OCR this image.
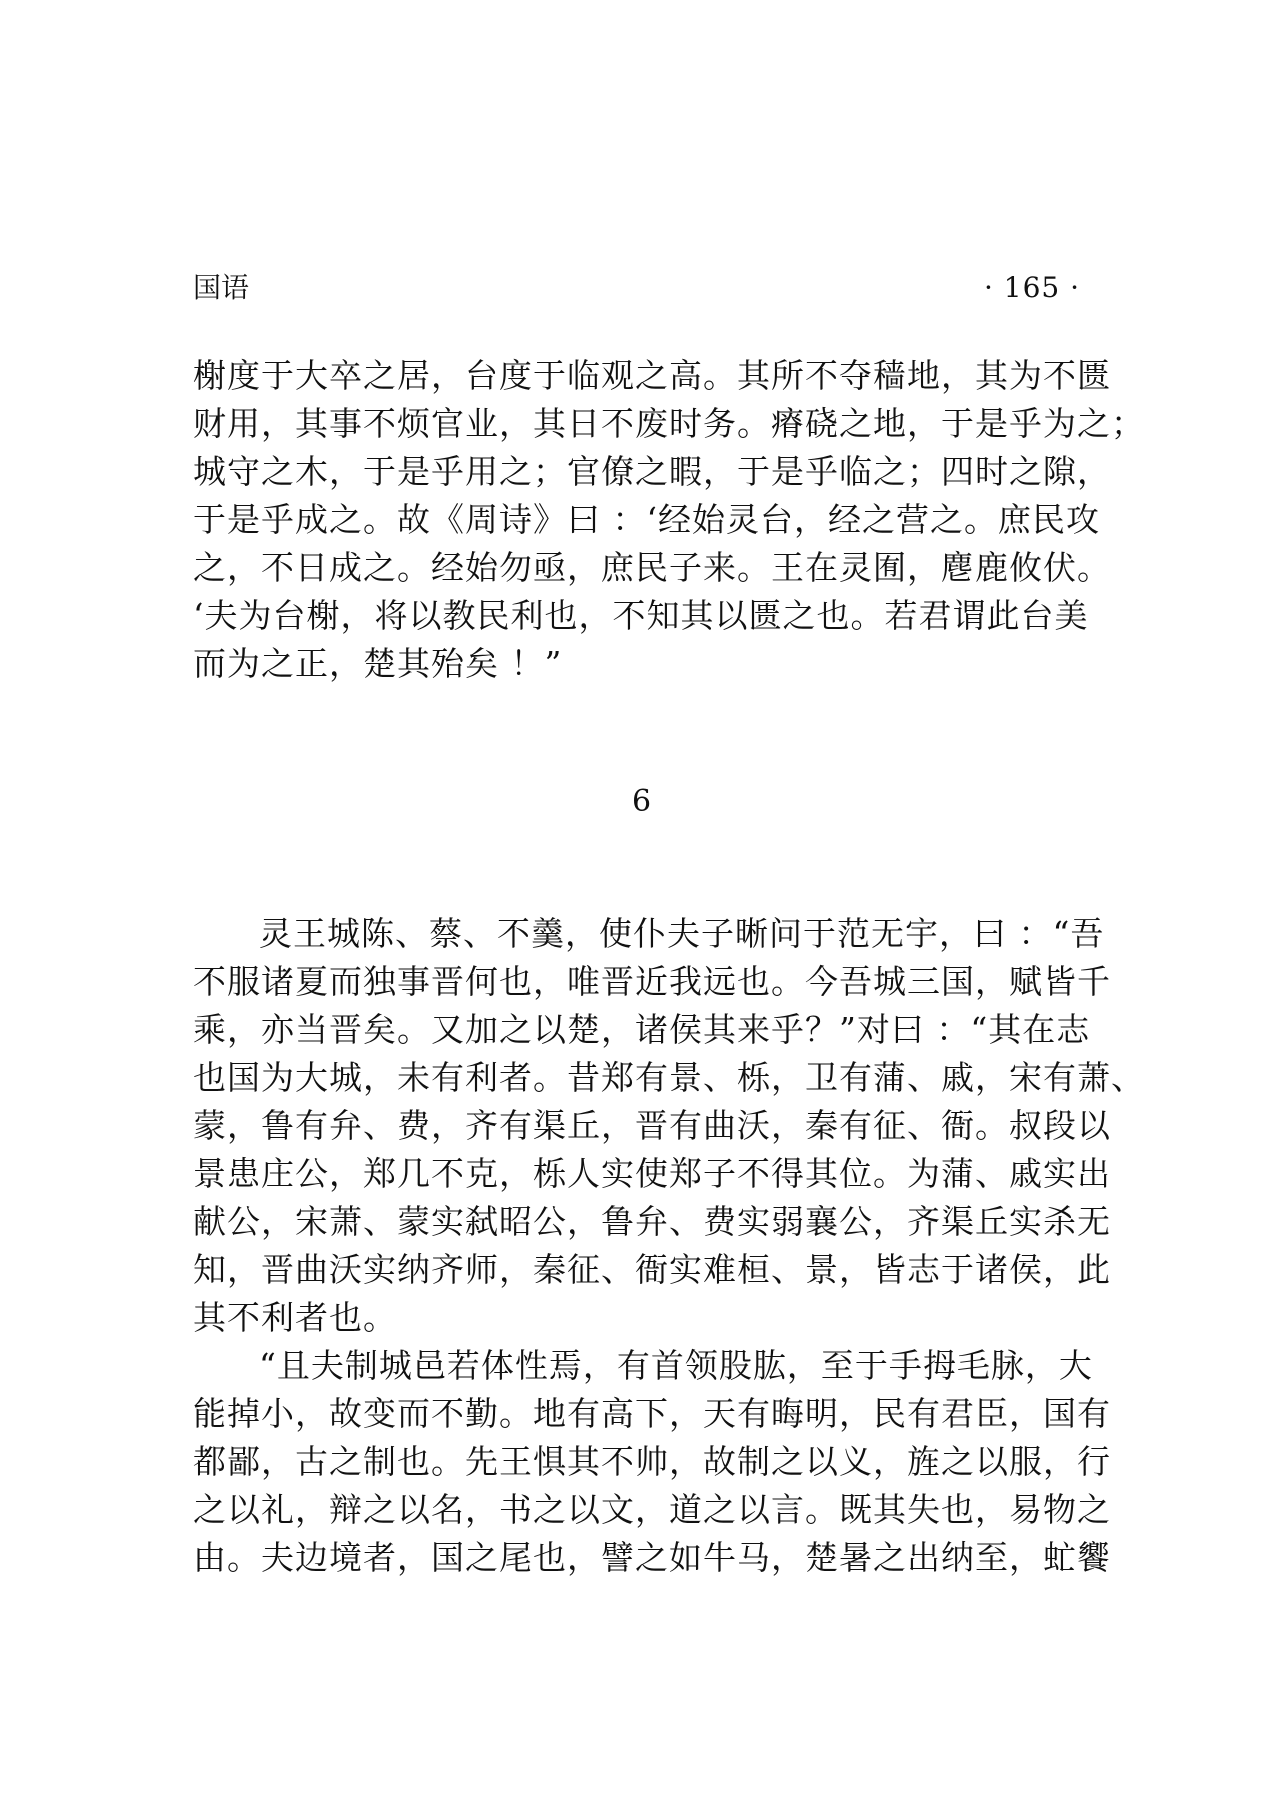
国语	· 165 ·
榭度于大卒之居，台度于临观之高。其所不夺穑地，其为不匮
财用，其事不烦官业，其日不废时务。瘠硗之地，于是乎为之；
城守之木，于是乎用之；官僚之暇，于是乎临之；四时之隙，
于是乎成之。故《周诗》曰 ：‘经始灵台，经之营之。庶民攻
之，不日成之。经始勿亟，庶民子来。王在灵囿，麀鹿攸伏。
‘夫为台榭，将以教民利也，不知其以匮之也。若君谓此台美
而为之正，楚其殆矣 ！”
6
灵王城陈、蔡、不羹，使仆夫子晰问于范无宇，曰 ：“吾
不服诸夏而独事晋何也，唯晋近我远也。今吾城三国，赋皆千
乘，亦当晋矣。又加之以楚，诸侯其来乎？”对曰 ：“其在志
也国为大城，未有利者。昔郑有景、栎，卫有蒲、戚，宋有萧、
蒙，鲁有弁、费，齐有渠丘，晋有曲沃，秦有征、衙。叔段以
景患庄公，郑几不克，栎人实使郑子不得其位。为蒲、戚实出
献公，宋萧、蒙实弑昭公，鲁弁、费实弱襄公，齐渠丘实杀无
知，晋曲沃实纳齐师，秦征、衙实难桓、景，皆志于诸侯，此
其不利者也。
“且夫制城邑若体性焉，有首领股肱，至于手拇毛脉，大
能掉小，故变而不勤。地有高下，天有晦明，民有君臣，国有
都鄙，古之制也。先王惧其不帅，故制之以义，旌之以服，行
之以礼，辩之以名，书之以文，道之以言。既其失也，易物之
由。夫边境者，国之尾也，譬之如牛马，楚暑之出纳至，虻饗
